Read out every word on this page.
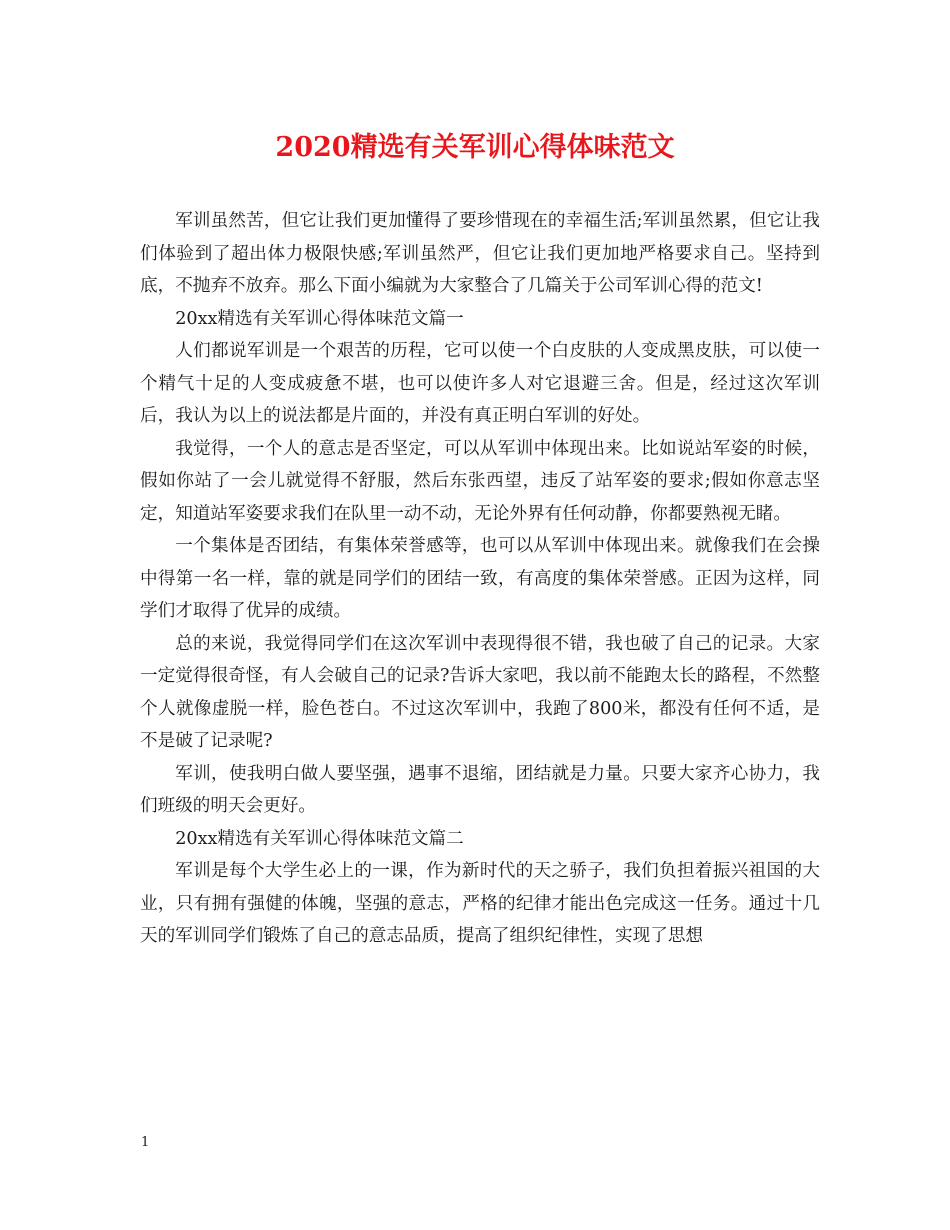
2020精选有关军训心得体味范文

军训虽然苦，但它让我们更加懂得了要珍惜现在的幸福生活;军训虽然累，但它让我们体验到了超出体力极限快感;军训虽然严，但它让我们更加地严格要求自己。坚持到底，不抛弃不放弃。那么下面小编就为大家整合了几篇关于公司军训心得的范文!

20xx精选有关军训心得体味范文篇一

人们都说军训是一个艰苦的历程，它可以使一个白皮肤的人变成黑皮肤，可以使一个精气十足的人变成疲惫不堪，也可以使许多人对它退避三舍。但是，经过这次军训后，我认为以上的说法都是片面的，并没有真正明白军训的好处。

我觉得，一个人的意志是否坚定，可以从军训中体现出来。比如说站军姿的时候，假如你站了一会儿就觉得不舒服，然后东张西望，违反了站军姿的要求;假如你意志坚定，知道站军姿要求我们在队里一动不动，无论外界有任何动静，你都要熟视无睹。

一个集体是否团结，有集体荣誉感等，也可以从军训中体现出来。就像我们在会操中得第一名一样，靠的就是同学们的团结一致，有高度的集体荣誉感。正因为这样，同学们才取得了优异的成绩。

总的来说，我觉得同学们在这次军训中表现得很不错，我也破了自己的记录。大家一定觉得很奇怪，有人会破自己的记录?告诉大家吧，我以前不能跑太长的路程，不然整个人就像虚脱一样，脸色苍白。不过这次军训中，我跑了800米，都没有任何不适，是不是破了记录呢?

军训，使我明白做人要坚强，遇事不退缩，团结就是力量。只要大家齐心协力，我们班级的明天会更好。

20xx精选有关军训心得体味范文篇二

军训是每个大学生必上的一课，作为新时代的天之骄子，我们负担着振兴祖国的大业，只有拥有强健的体魄，坚强的意志，严格的纪律才能出色完成这一任务。通过十几天的军训同学们锻炼了自己的意志品质，提高了组织纪律性，实现了思想

1
